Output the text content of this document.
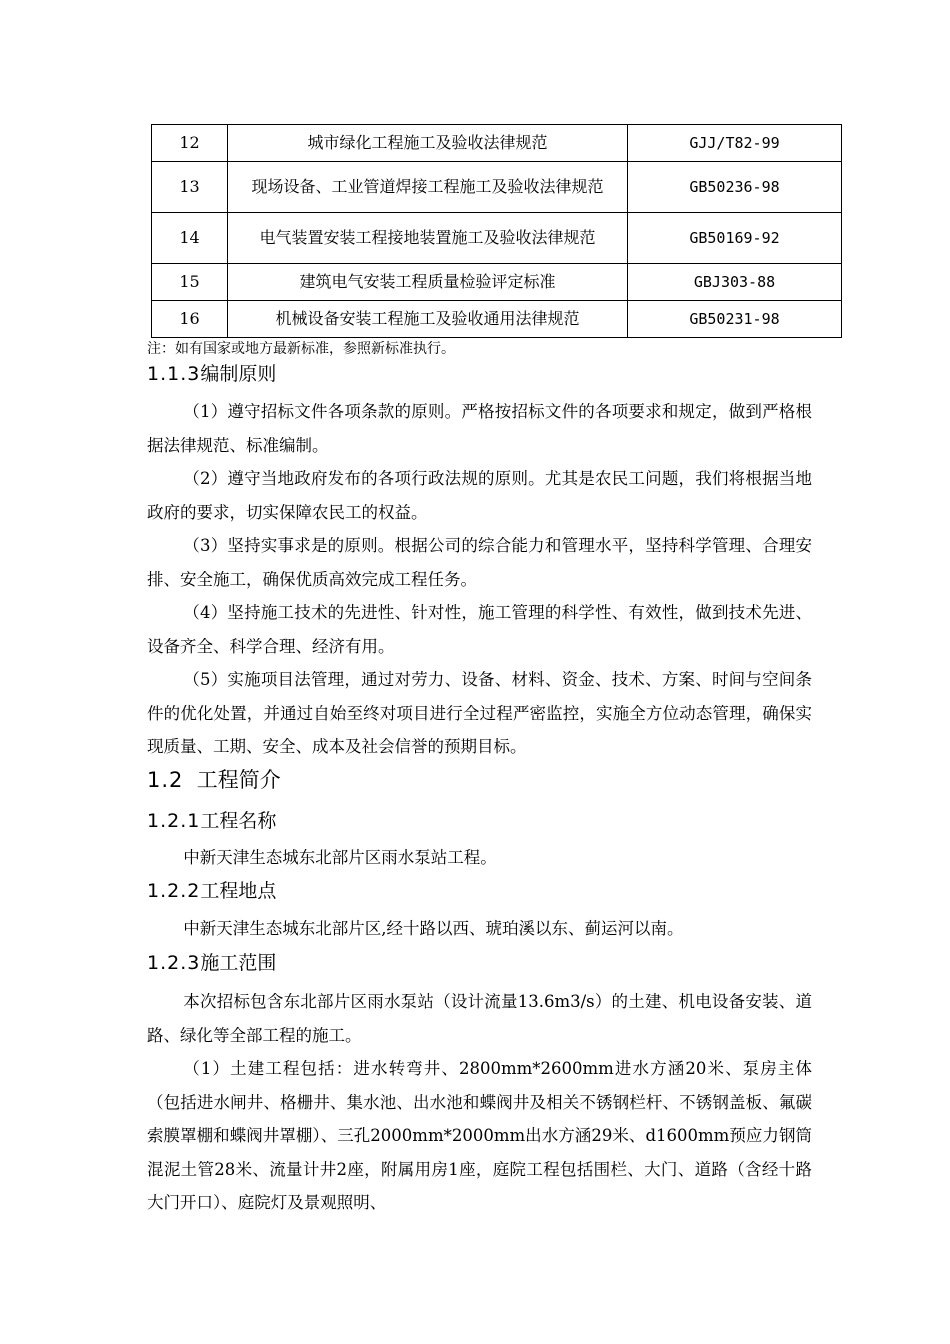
12	城市绿化工程施工及验收法律规范	GJJ/T82-99
13	现场设备、工业管道焊接工程施工及验收法律规范	GB50236-98
14	电气装置安装工程接地装置施工及验收法律规范	GB50169-92
15	建筑电气安装工程质量检验评定标准	GBJ303-88
16	机械设备安装工程施工及验收通用法律规范	GB50231-98
注：如有国家或地方最新标准，参照新标准执行。
1.1.3编制原则
（1）遵守招标文件各项条款的原则。严格按招标文件的各项要求和规定，做到严格根据法律规范、标准编制。
（2）遵守当地政府发布的各项行政法规的原则。尤其是农民工问题，我们将根据当地政府的要求，切实保障农民工的权益。
（3）坚持实事求是的原则。根据公司的综合能力和管理水平，坚持科学管理、合理安排、安全施工，确保优质高效完成工程任务。
（4）坚持施工技术的先进性、针对性，施工管理的科学性、有效性，做到技术先进、设备齐全、科学合理、经济有用。
（5）实施项目法管理，通过对劳力、设备、材料、资金、技术、方案、时间与空间条件的优化处置，并通过自始至终对项目进行全过程严密监控，实施全方位动态管理，确保实现质量、工期、安全、成本及社会信誉的预期目标。
1.2 工程简介
1.2.1工程名称
中新天津生态城东北部片区雨水泵站工程。
1.2.2工程地点
中新天津生态城东北部片区,经十路以西、琥珀溪以东、蓟运河以南。
1.2.3施工范围
本次招标包含东北部片区雨水泵站（设计流量13.6m3/s）的土建、机电设备安装、道路、绿化等全部工程的施工。
（1）土建工程包括：进水转弯井、2800mm*2600mm进水方涵20米、泵房主体（包括进水闸井、格栅井、集水池、出水池和蝶阀井及相关不锈钢栏杆、不锈钢盖板、氟碳索膜罩棚和蝶阀井罩棚）、三孔2000mm*2000mm出水方涵29米、d1600mm预应力钢筒混泥土管28米、流量计井2座，附属用房1座，庭院工程包括围栏、大门、道路（含经十路大门开口）、庭院灯及景观照明、
